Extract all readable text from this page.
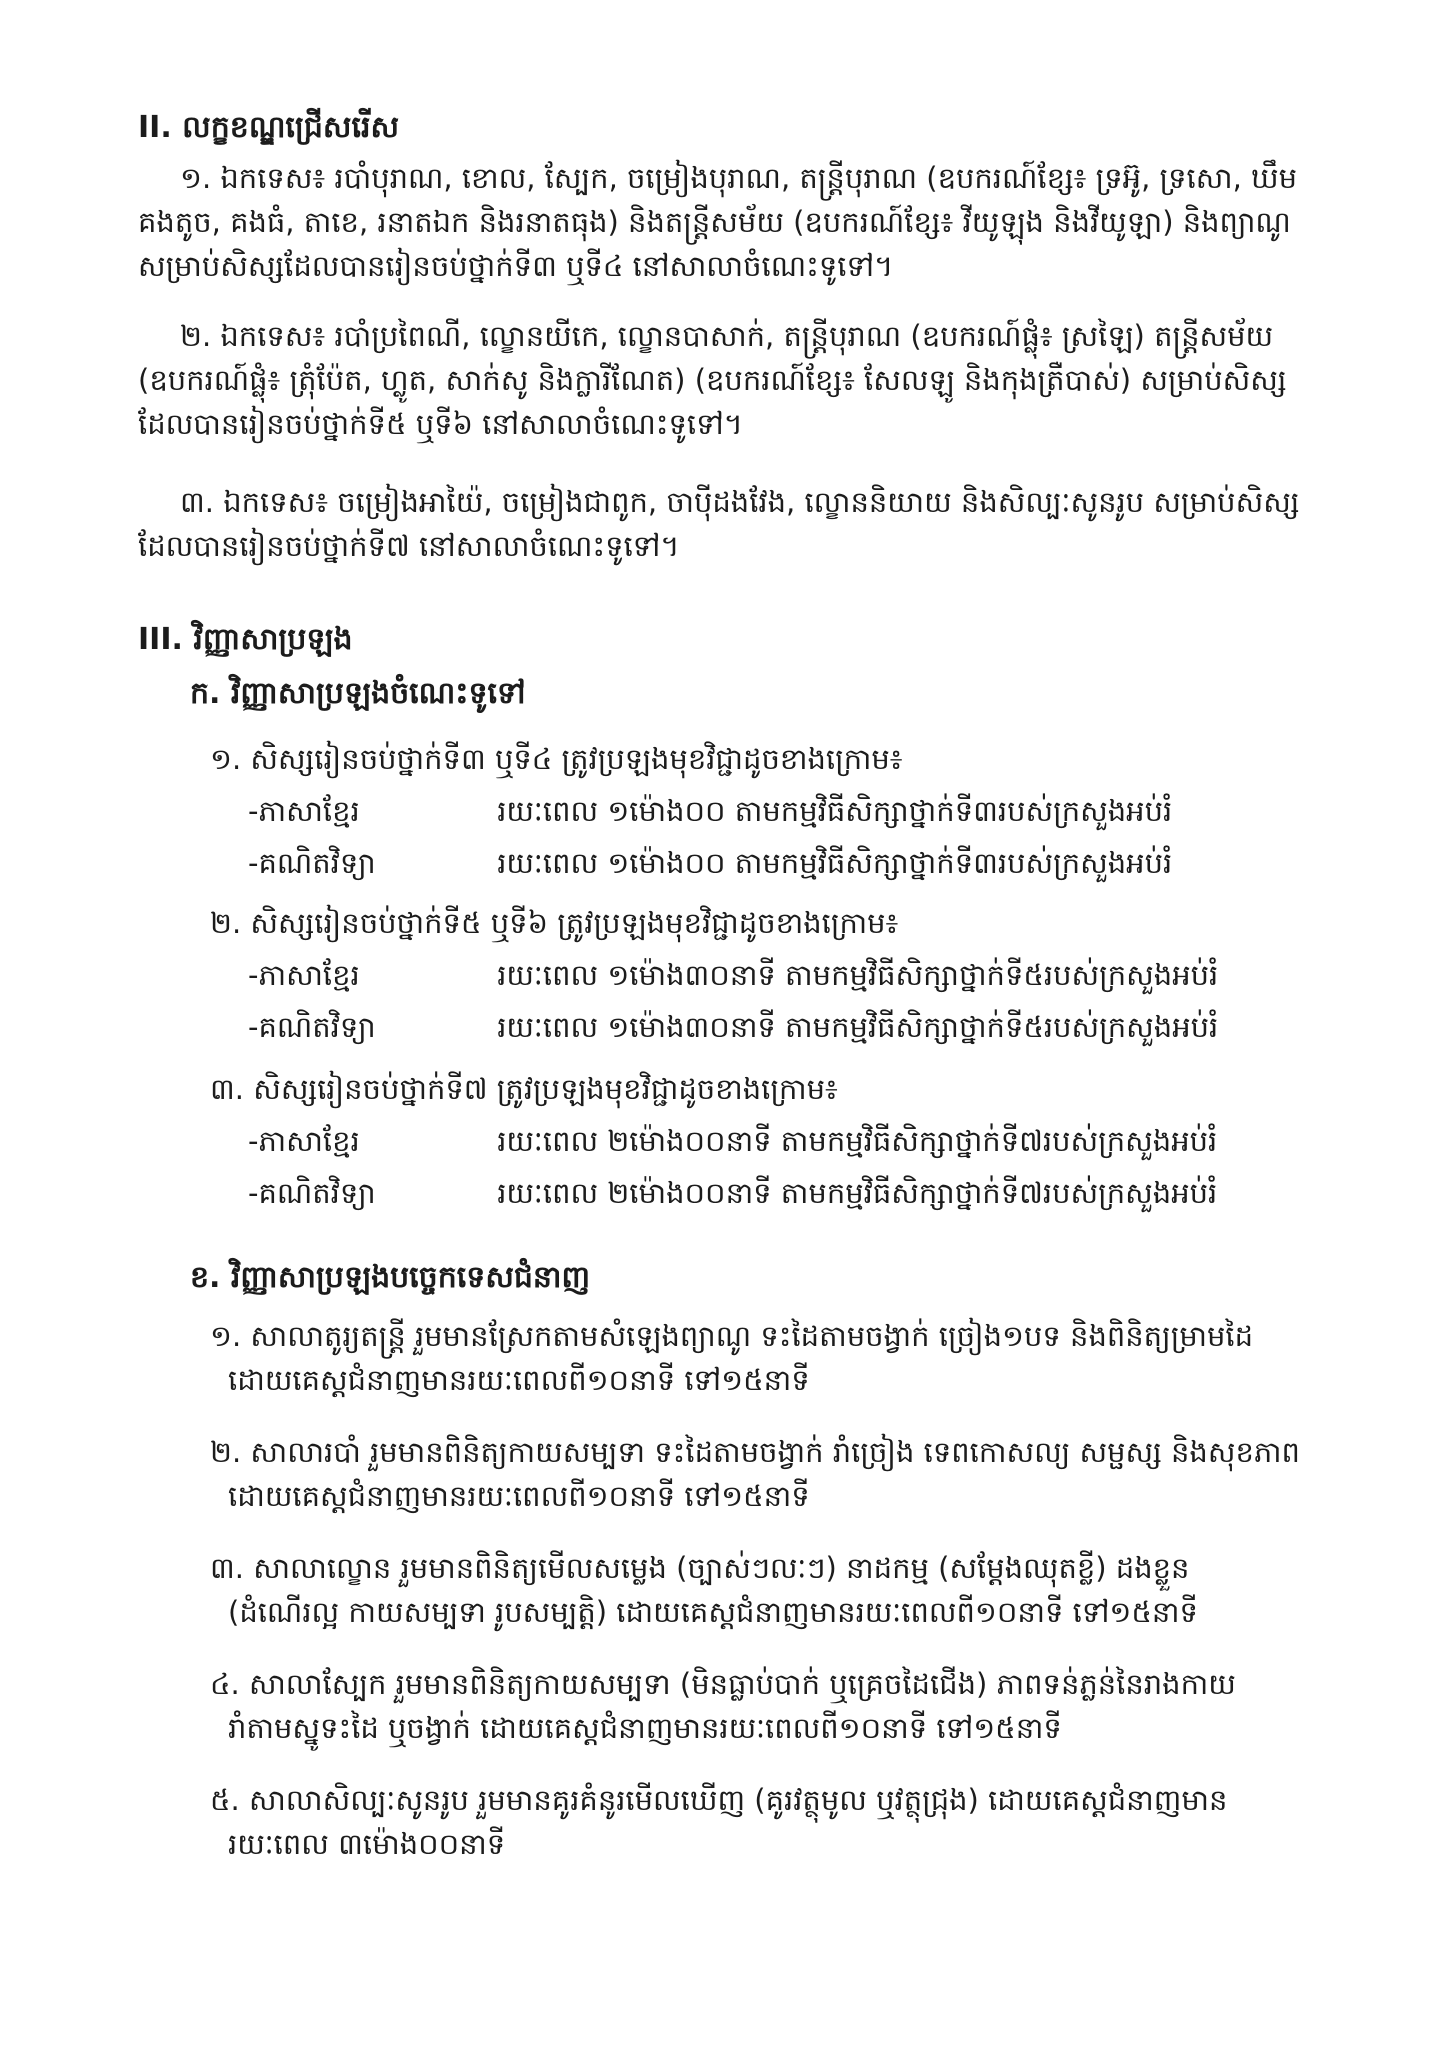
II. លក្ខខណ្ឌជ្រើសរើស
១. ឯកទេស៖ របាំបុរាណ, ខោល, ស្បែក, ចម្រៀងបុរាណ, តន្ត្រីបុរាណ (ឧបករណ៍ខ្សែ៖ ទ្រអ៊ូ, ទ្រសោ, ឃឹម
គងតូច, គងធំ, តាខេ, រនាតឯក និងរនាតធុង) និងតន្ត្រីសម័យ (ឧបករណ៍ខ្សែ៖ វីយូឡុង និងវីយូឡា) និងព្យាណូ សម្រាប់សិស្សដែលបានរៀនចប់ថ្នាក់ទី៣ ឬទី៤ នៅសាលាចំណេះទូទៅ។
២. ឯកទេស៖ របាំប្រពៃណី, ល្ខោនយីកេ, ល្ខោនបាសាក់, តន្ត្រីបុរាណ (ឧបករណ៍ផ្លុំ៖ ស្រឡៃ) តន្ត្រីសម័យ
(ឧបករណ៍ផ្លុំ៖ ត្រុំប៉ែត, ហ្លូត, សាក់សូ និងក្លារីណែត) (ឧបករណ៍ខ្សែ៖ សែលឡូ និងកុងត្រឺបាស់) សម្រាប់សិស្ស ដែលបានរៀនចប់ថ្នាក់ទី៥ ឬទី៦ នៅសាលាចំណេះទូទៅ។
៣. ឯកទេស៖ ចម្រៀងអាយ៉ៃ, ចម្រៀងជាពូក, ចាប៉ីដងវែង, ល្ខោននិយាយ និងសិល្បៈសូនរូប សម្រាប់សិស្ស
ដែលបានរៀនចប់ថ្នាក់ទី៧ នៅសាលាចំណេះទូទៅ។
III. វិញ្ញាសាប្រឡង
ក. វិញ្ញាសាប្រឡងចំណេះទូទៅ
១. សិស្សរៀនចប់ថ្នាក់ទី៣ ឬទី៤ ត្រូវប្រឡងមុខវិជ្ជាដូចខាងក្រោម៖
-ភាសាខ្មែរ	រយៈពេល ១ម៉ោង០០ តាមកម្មវិធីសិក្សាថ្នាក់ទី៣របស់ក្រសួងអប់រំ
-គណិតវិទ្យា	រយៈពេល ១ម៉ោង០០ តាមកម្មវិធីសិក្សាថ្នាក់ទី៣របស់ក្រសួងអប់រំ
២. សិស្សរៀនចប់ថ្នាក់ទី៥ ឬទី៦ ត្រូវប្រឡងមុខវិជ្ជាដូចខាងក្រោម៖
-ភាសាខ្មែរ	រយៈពេល ១ម៉ោង៣០នាទី តាមកម្មវិធីសិក្សាថ្នាក់ទី៥របស់ក្រសួងអប់រំ
-គណិតវិទ្យា	រយៈពេល ១ម៉ោង៣០នាទី តាមកម្មវិធីសិក្សាថ្នាក់ទី៥របស់ក្រសួងអប់រំ
៣. សិស្សរៀនចប់ថ្នាក់ទី៧ ត្រូវប្រឡងមុខវិជ្ជាដូចខាងក្រោម៖
-ភាសាខ្មែរ	រយៈពេល ២ម៉ោង០០នាទី តាមកម្មវិធីសិក្សាថ្នាក់ទី៧របស់ក្រសួងអប់រំ
-គណិតវិទ្យា	រយៈពេល ២ម៉ោង០០នាទី តាមកម្មវិធីសិក្សាថ្នាក់ទី៧របស់ក្រសួងអប់រំ
ខ. វិញ្ញាសាប្រឡងបច្ចេកទេសជំនាញ
១. សាលាតូរ្យតន្ត្រី រួមមានស្រែកតាមសំឡេងព្យាណូ ទះដៃតាមចង្វាក់ ច្រៀង១បទ និងពិនិត្យម្រាមដៃ
ដោយគេស្តជំនាញមានរយៈពេលពី១០នាទី ទៅ១៥នាទី
២. សាលារបាំ រួមមានពិនិត្យកាយសម្បទា ទះដៃតាមចង្វាក់ រាំច្រៀង ទេពកោសល្យ សម្ផស្ស និងសុខភាព
ដោយគេស្តជំនាញមានរយៈពេលពី១០នាទី ទៅ១៥នាទី
៣. សាលាល្ខោន រួមមានពិនិត្យមើលសម្លេង (ច្បាស់ៗលៈៗ) នាដកម្ម (សម្តែងឈុតខ្លី) ដងខ្លួន
(ដំណើរល្អ កាយសម្បទា រូបសម្បត្តិ) ដោយគេស្តជំនាញមានរយៈពេលពី១០នាទី ទៅ១៥នាទី
៤. សាលាស្បែក រួមមានពិនិត្យកាយសម្បទា (មិនធ្លាប់បាក់ ឬគ្រេចដៃជើង) ភាពទន់ភ្លន់នៃរាងកាយ
រាំតាមស្នូទះដៃ ឬចង្វាក់ ដោយគេស្តជំនាញមានរយៈពេលពី១០នាទី ទៅ១៥នាទី
៥. សាលាសិល្បៈសូនរូប រួមមានគូរគំនូរមើលឃើញ (គូរវត្ថុមូល ឬវត្ថុជ្រុង) ដោយគេស្តជំនាញមាន
រយៈពេល ៣ម៉ោង០០នាទី
